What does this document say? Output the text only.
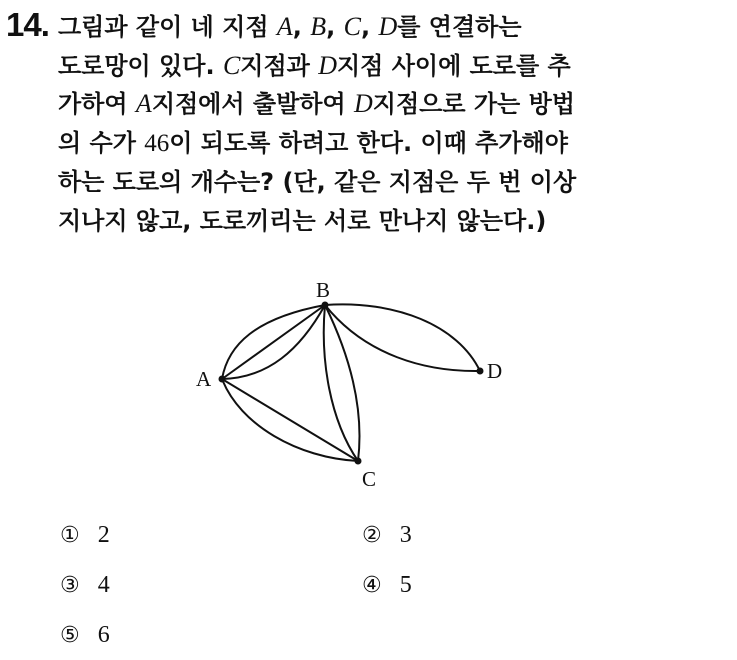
14. 그림과 같이 네 지점 A, B, C, D를 연결하는
도로망이 있다. C지점과 D지점 사이에 도로를 추
가하여 A지점에서 출발하여 D지점으로 가는 방법
의 수가 46이 되도록 하려고 한다. 이때 추가해야
하는 도로의 개수는? (단, 같은 지점은 두 번 이상
지나지 않고, 도로끼리는 서로 만나지 않는다.)

A
B
C
D
① 2	② 3
③ 4	④ 5
⑤ 6
